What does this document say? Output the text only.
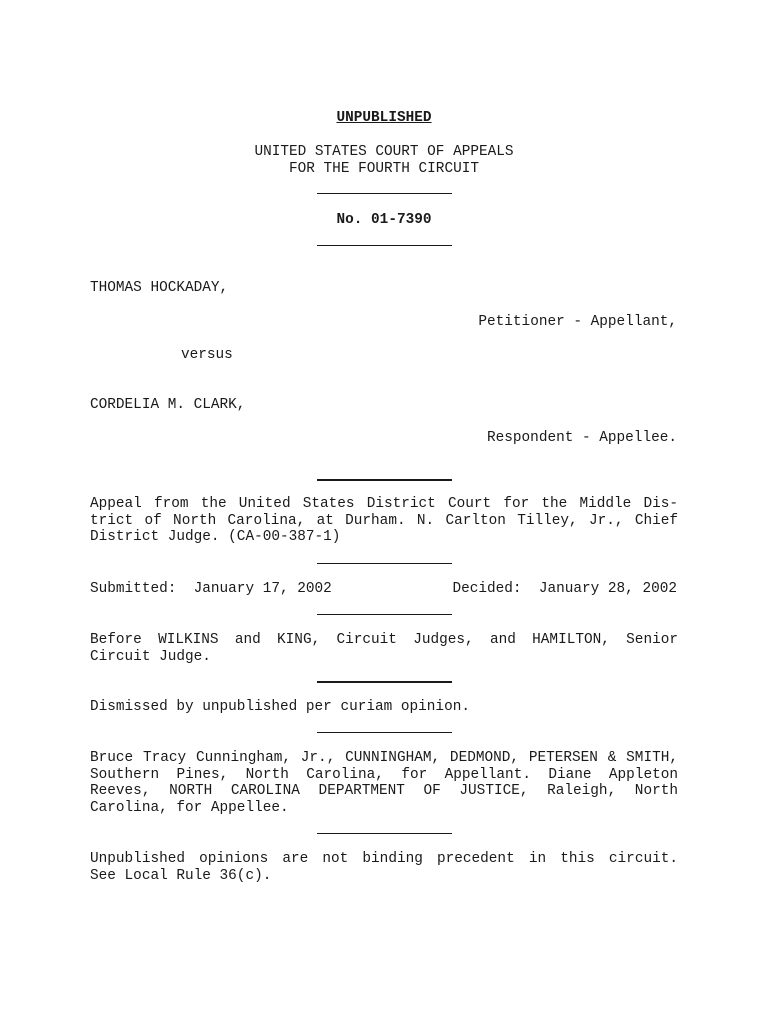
UNPUBLISHED
UNITED STATES COURT OF APPEALS
FOR THE FOURTH CIRCUIT
No. 01-7390
THOMAS HOCKADAY,
Petitioner - Appellant,
versus
CORDELIA M. CLARK,
Respondent - Appellee.
Appeal from the United States District Court for the Middle Dis-
trict of North Carolina, at Durham. N. Carlton Tilley, Jr., Chief
District Judge. (CA-00-387-1)
Submitted:  January 17, 2002	Decided:  January 28, 2002
Before WILKINS and KING, Circuit Judges, and HAMILTON, Senior
Circuit Judge.
Dismissed by unpublished per curiam opinion.
Bruce Tracy Cunningham, Jr., CUNNINGHAM, DEDMOND, PETERSEN & SMITH,
Southern Pines, North Carolina, for Appellant. Diane Appleton
Reeves, NORTH CAROLINA DEPARTMENT OF JUSTICE, Raleigh, North
Carolina, for Appellee.
Unpublished opinions are not binding precedent in this circuit.
See Local Rule 36(c).
